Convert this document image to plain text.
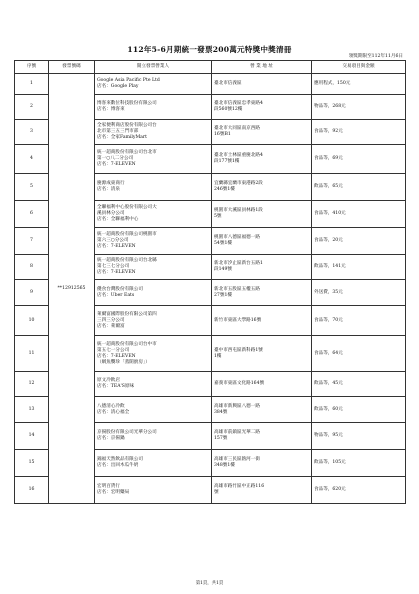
112年5-6月期統一發票200萬元特獎中獎清冊
領獎期限至112年11月6日
序號	發票號碼	開立發票營業人	營 業 地 址	交易項目與金額
1	**12912565	Google Asia Pacific Pte Ltd
店名：Google Play	臺北市信義區	應用程式，150元
2		博客來數位科技股份有限公司
店名：博客來	臺北市信義區忠孝東路4
段560號12樓	物品等，268元
3		全家便利商店股份有限公司台
北市第三五三門市部
店名：全家FamilyMart	臺北市大同區南京西路
16號B1	食品等，92元
4		統一超商股份有限公司台北市
第一○八二分公司
店名：7-ELEVEN	臺北市士林區重慶北路4
段177號1樓	食品等，69元
5		慶源成東商行
店名：清泉	宜蘭縣宜蘭市東港路2段
246號1樓	飲品等，65元
6		全聯福利中心股份有限公司大
溪員林分公司
店名：全聯福利中心	桃園市大溪區員林路1段
5號	食品等，410元
7		統一超商股份有限公司桃園市
第六三○分公司
店名：7-ELEVEN	桃園市八德區福德一路
54號1樓	食品等，20元
8		統一超商股份有限公司台北縣
第七三七分公司
店名：7-ELEVEN	新北市汐止區新台五路1
段149號	飲品等，141元
9		優食台灣股份有限公司
店名：Uber Eats	新北市五股區五權五路
27號1樓	外送費，35元
10		萊爾富國際股份有限公司第四
三四三分公司
店名：萊爾富	新竹市東區大學路16號	食品等，70元
11		統一超商股份有限公司台中市
第五七一分公司
店名：7-ELEVEN
（網魚饗珍「蒸開廚房」）	臺中市西屯區新科路1號
1樓	食品等，64元
12		原文冷飲店
店名：TEA'S原味	嘉義市東區文化路164號	飲品等，45元
13		八德清心冷飲
店名：清心福全	高雄市新興區八德一路
384號	飲品等，60元
14		京揚股份有限公司光華分公司
店名：京揚鍋	高雄市前鎮區光華二路
157號	物品等，95元
15		錦福天然飲品有限公司
店名：出回木瓜牛奶	高雄市三民區熱河一街
348號1樓	飲品等，105元
16		宏明百貨行
店名：宏明藥局	高雄市路竹區中正路116
號	食品等，620元
第1頁，共1頁
